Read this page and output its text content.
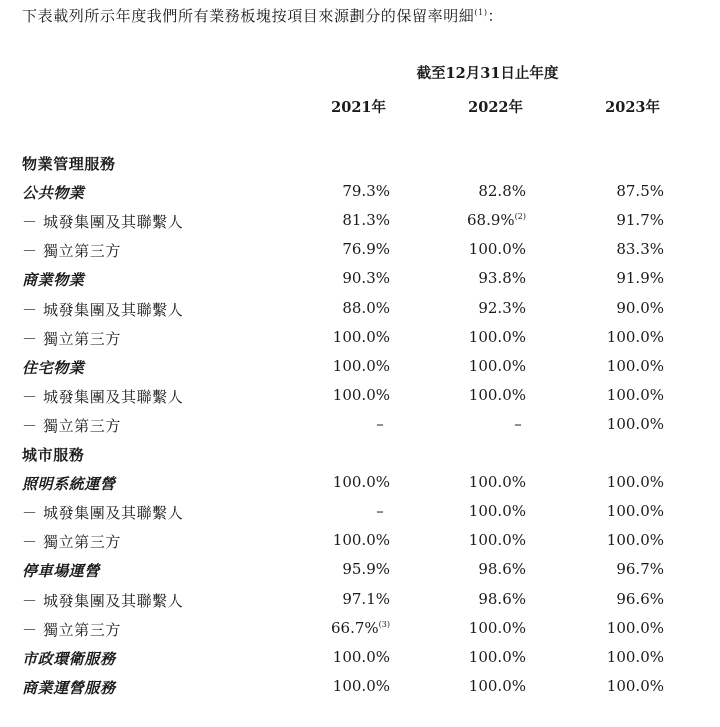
下表載列所示年度我們所有業務板塊按項目來源劃分的保留率明細$^{(1)}$：
截至12月31日止年度
2021年	2022年	2023年
物業管理服務
公共物業	79.3%	82.8%	87.5%
－ 城發集團及其聯繫人	81.3%	68.9%$^{(2)}$	91.7%
－ 獨立第三方	76.9%	100.0%	83.3%
商業物業	90.3%	93.8%	91.9%
－ 城發集團及其聯繫人	88.0%	92.3%	90.0%
－ 獨立第三方	100.0%	100.0%	100.0%
住宅物業	100.0%	100.0%	100.0%
－ 城發集團及其聯繫人	100.0%	100.0%	100.0%
－ 獨立第三方	–	–	100.0%
城市服務
照明系統運營	100.0%	100.0%	100.0%
－ 城發集團及其聯繫人	–	100.0%	100.0%
－ 獨立第三方	100.0%	100.0%	100.0%
停車場運營	95.9%	98.6%	96.7%
－ 城發集團及其聯繫人	97.1%	98.6%	96.6%
－ 獨立第三方	66.7%$^{(3)}$	100.0%	100.0%
市政環衛服務	100.0%	100.0%	100.0%
商業運營服務	100.0%	100.0%	100.0%
